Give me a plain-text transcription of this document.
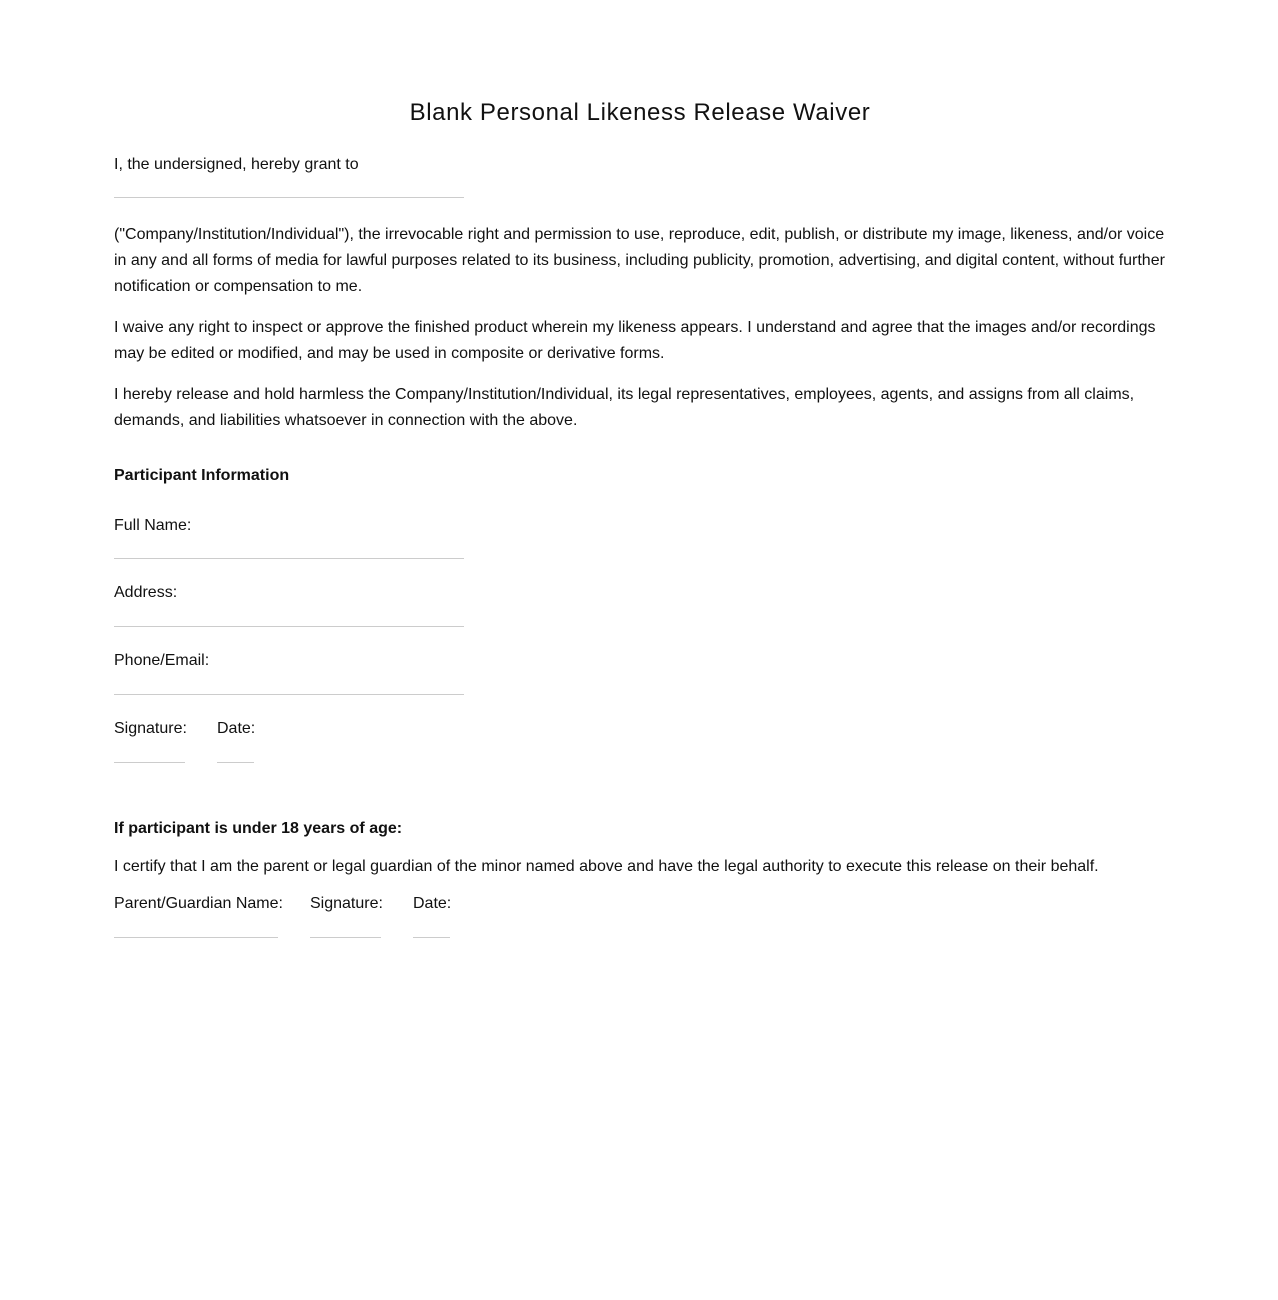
Blank Personal Likeness Release Waiver
I, the undersigned, hereby grant to

("Company/Institution/Individual"), the irrevocable right and permission to use, reproduce, edit, publish, or distribute my image, likeness, and/or voice in any and all forms of media for lawful purposes related to its business, including publicity, promotion, advertising, and digital content, without further notification or compensation to me.

I waive any right to inspect or approve the finished product wherein my likeness appears. I understand and agree that the images and/or recordings may be edited or modified, and may be used in composite or derivative forms.

I hereby release and hold harmless the Company/Institution/Individual, its legal representatives, employees, agents, and assigns from all claims, demands, and liabilities whatsoever in connection with the above.

Participant Information
Full Name:
Address:
Phone/Email:
Signature: Date:
If participant is under 18 years of age:
I certify that I am the parent or legal guardian of the minor named above and have the legal authority to execute this release on their behalf.
Parent/Guardian Name: Signature: Date:
